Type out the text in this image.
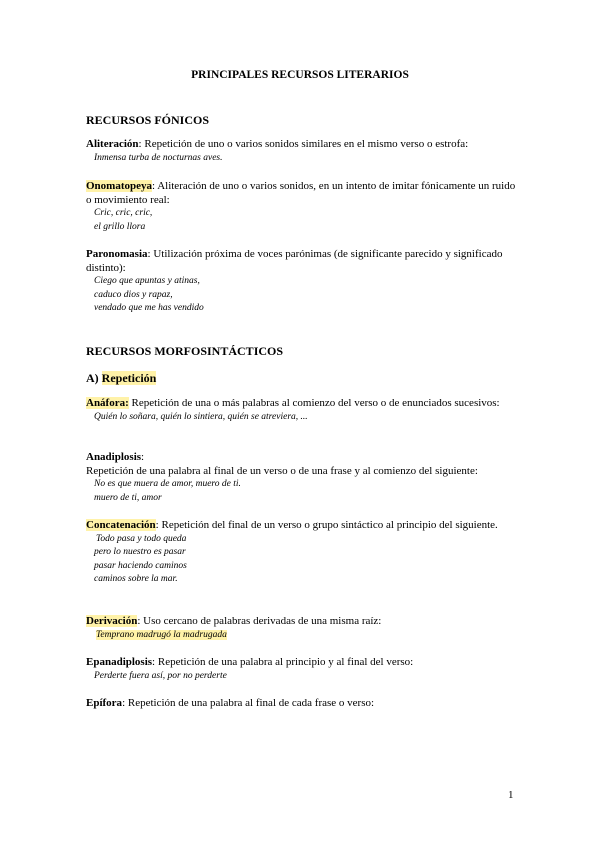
PRINCIPALES RECURSOS LITERARIOS
RECURSOS FÓNICOS
Aliteración: Repetición de uno o varios sonidos similares en el mismo verso o estrofa:
Inmensa turba de nocturnas aves.
Onomatopeya: Aliteración de uno o varios sonidos, en un intento de imitar fónicamente un ruido o movimiento real:
Cric, cric, cric,
el grillo llora
Paronomasia: Utilización próxima de voces parónimas (de significante parecido y significado distinto):
Ciego que apuntas y atinas,
caduco dios y rapaz,
vendado que me has vendido
RECURSOS MORFOSINTÁCTICOS
A) Repetición
Anáfora: Repetición de una o más palabras al comienzo del verso o de enunciados sucesivos:
Quién lo soñara, quién lo sintiera, quién se atreviera, ...
Anadiplosis:
Repetición de una palabra al final de un verso o de una frase y al comienzo del siguiente:
No es que muera de amor, muero de ti.
muero de ti, amor
Concatenación: Repetición del final de un verso o grupo sintáctico al principio del siguiente.
Todo pasa y todo queda
pero lo nuestro es pasar
pasar haciendo caminos
caminos sobre la mar.
Derivación: Uso cercano de palabras derivadas de una misma raíz:
Temprano madrugó la madrugada
Epanadiplosis: Repetición de una palabra al principio y al final del verso:
Perderte fuera así, por no perderte
Epífora: Repetición de una palabra al final de cada frase o verso:
1
